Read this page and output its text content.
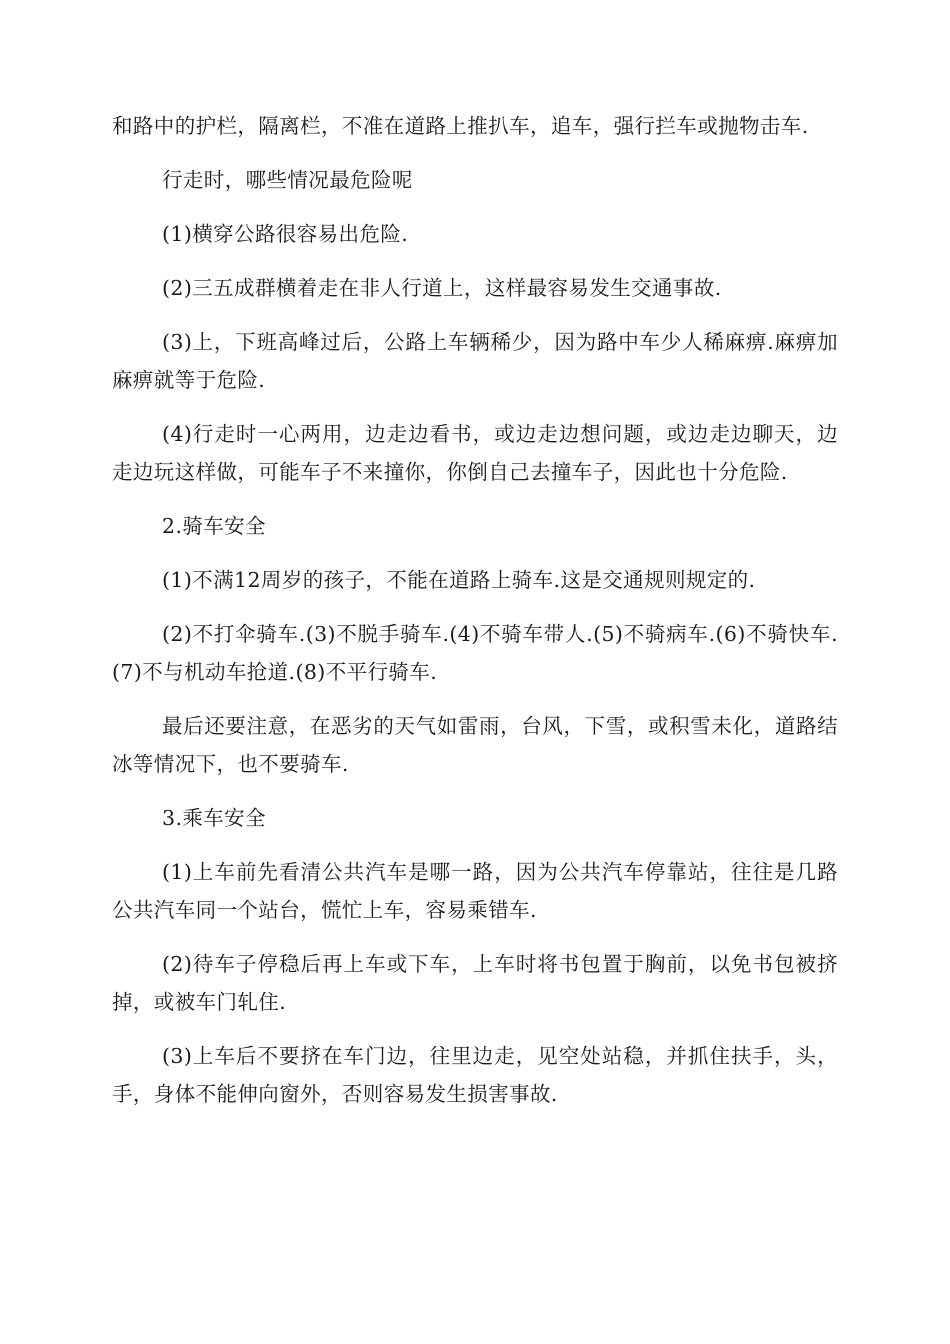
和路中的护栏，隔离栏，不准在道路上推扒车，追车，强行拦车或抛物击车.

行走时，哪些情况最危险呢

(1)横穿公路很容易出危险.

(2)三五成群横着走在非人行道上，这样最容易发生交通事故.

(3)上，下班高峰过后，公路上车辆稀少，因为路中车少人稀麻痹.麻痹加麻痹就等于危险.

(4)行走时一心两用，边走边看书，或边走边想问题，或边走边聊天，边走边玩这样做，可能车子不来撞你，你倒自己去撞车子，因此也十分危险.

2.骑车安全

(1)不满12周岁的孩子，不能在道路上骑车.这是交通规则规定的.

(2)不打伞骑车.(3)不脱手骑车.(4)不骑车带人.(5)不骑病车.(6)不骑快车.(7)不与机动车抢道.(8)不平行骑车.

最后还要注意，在恶劣的天气如雷雨，台风，下雪，或积雪未化，道路结冰等情况下，也不要骑车.

3.乘车安全

(1)上车前先看清公共汽车是哪一路，因为公共汽车停靠站，往往是几路公共汽车同一个站台，慌忙上车，容易乘错车.

(2)待车子停稳后再上车或下车，上车时将书包置于胸前，以免书包被挤掉，或被车门轧住.

(3)上车后不要挤在车门边，往里边走，见空处站稳，并抓住扶手，头，手，身体不能伸向窗外，否则容易发生损害事故.
